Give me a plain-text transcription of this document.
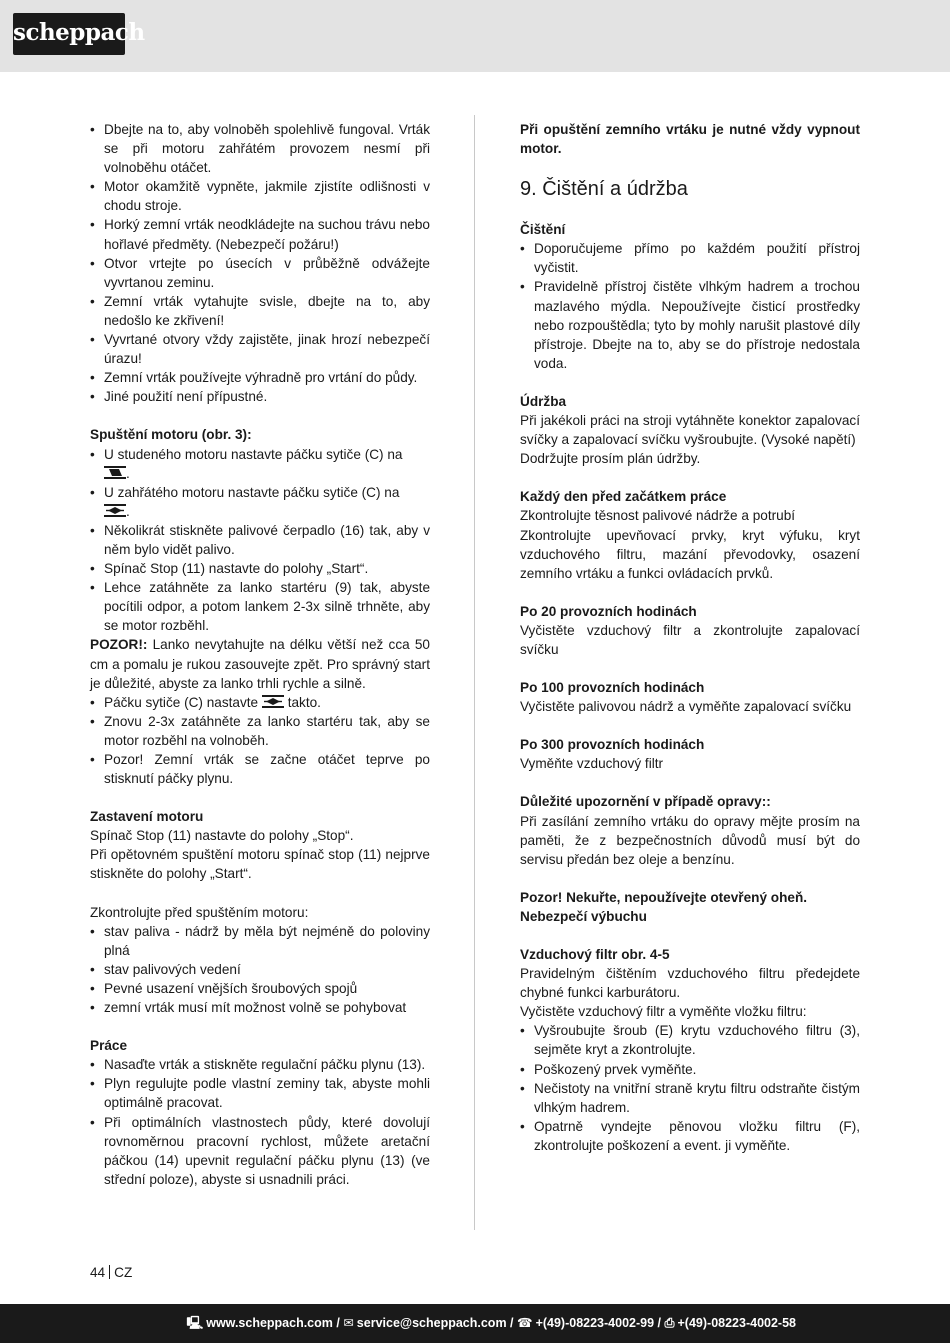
scheppach
• Dbejte na to, aby volnoběh spolehlivě fungoval. Vrták se při motoru zahřátém provozem nesmí při volnoběhu otáčet.
• Motor okamžitě vypněte, jakmile zjistíte odlišnosti v chodu stroje.
• Horký zemní vrták neodkládejte na suchou trávu nebo hořlavé předměty. (Nebezpečí požáru!)
• Otvor vrtejte po úsecích v průběžně odvážejte vyvrtanou zeminu.
• Zemní vrták vytahujte svisle, dbejte na to, aby nedošlo ke zkřivení!
• Vyvrtané otvory vždy zajistěte, jinak hrozí nebezpečí úrazu!
• Zemní vrták používejte výhradně pro vrtání do půdy.
• Jiné použití není přípustné.

Spuštění motoru (obr. 3):

• U studeného motoru nastavte páčku sytiče (C) na

.
• U zahřátého motoru nastavte páčku sytiče (C) na

.
• Několikrát stiskněte palivové čerpadlo (16) tak, aby v něm bylo vidět palivo.
• Spínač Stop (11) nastavte do polohy „Start“.
• Lehce zatáhněte za lanko startéru (9) tak, abyste pocítili odpor, a potom lankem 2-3x silně trhněte, aby se motor rozběhl.

POZOR!: Lanko nevytahujte na délku větší než cca 50 cm a pomalu je rukou zasouvejte zpět. Pro správný start je důležité, abyste za lanko trhli rychle a silně.

• Páčku sytiče (C) nastavte takto.
• Znovu 2-3x zatáhněte za lanko startéru tak, aby se motor rozběhl na volnoběh.
• Pozor! Zemní vrták se začne otáčet teprve po stisknutí páčky plynu.

Zastavení motoru

Spínač Stop (11) nastavte do polohy „Stop“.

Při opětovném spuštění motoru spínač stop (11) nejprve stiskněte do polohy „Start“.

Zkontrolujte před spuštěním motoru:

• stav paliva - nádrž by měla být nejméně do poloviny plná
• stav palivových vedení
• Pevné usazení vnějších šroubových spojů
• zemní vrták musí mít možnost volně se pohybovat

Práce

• Nasaďte vrták a stiskněte regulační páčku plynu (13).
• Plyn regulujte podle vlastní zeminy tak, abyste mohli optimálně pracovat.
• Při optimálních vlastnostech půdy, které dovolují rovnoměrnou pracovní rychlost, můžete aretační páčkou (14) upevnit regulační páčku plynu (13) (ve střední poloze), abyste si usnadnili práci.

Při opuštění zemního vrtáku je nutné vždy vypnout motor.

9. Čištění a údržba

Čištění

• Doporučujeme přímo po každém použití přístroj vyčistit.
• Pravidelně přístroj čistěte vlhkým hadrem a trochou mazlavého mýdla. Nepoužívejte čisticí prostředky nebo rozpouštědla; tyto by mohly narušit plastové díly přístroje. Dbejte na to, aby se do přístroje nedostala voda.

Údržba

Při jakékoli práci na stroji vytáhněte konektor zapalovací svíčky a zapalovací svíčku vyšroubujte. (Vysoké napětí)

Dodržujte prosím plán údržby.

Každý den před začátkem práce

Zkontrolujte těsnost palivové nádrže a potrubí

Zkontrolujte upevňovací prvky, kryt výfuku, kryt vzduchového filtru, mazání převodovky, osazení zemního vrtáku a funkci ovládacích prvků.

Po 20 provozních hodinách

Vyčistěte vzduchový filtr a zkontrolujte zapalovací svíčku

Po 100 provozních hodinách

Vyčistěte palivovou nádrž a vyměňte zapalovací svíčku

Po 300 provozních hodinách

Vyměňte vzduchový filtr

Důležité upozornění v případě opravy::

Při zasílání zemního vrtáku do opravy mějte prosím na paměti, že z bezpečnostních důvodů musí být do servisu předán bez oleje a benzínu.

Pozor! Nekuřte, nepoužívejte otevřený oheň.

Nebezpečí výbuchu

Vzduchový filtr obr. 4-5

Pravidelným čištěním vzduchového filtru předejdete chybné funkci karburátoru.

Vyčistěte vzduchový filtr a vyměňte vložku filtru:

• Vyšroubujte šroub (E) krytu vzduchového filtru (3), sejměte kryt a zkontrolujte.
• Poškozený prvek vyměňte.
• Nečistoty na vnitřní straně krytu filtru odstraňte čistým vlhkým hadrem.
• Opatrně vyndejte pěnovou vložku filtru (F), zkontrolujte poškození a event. ji vyměňte.
44 CZ
🖳 www.scheppach.com / ✉ service@scheppach.com / ☎ +(49)-08223-4002-99 / ⎙ +(49)-08223-4002-58
